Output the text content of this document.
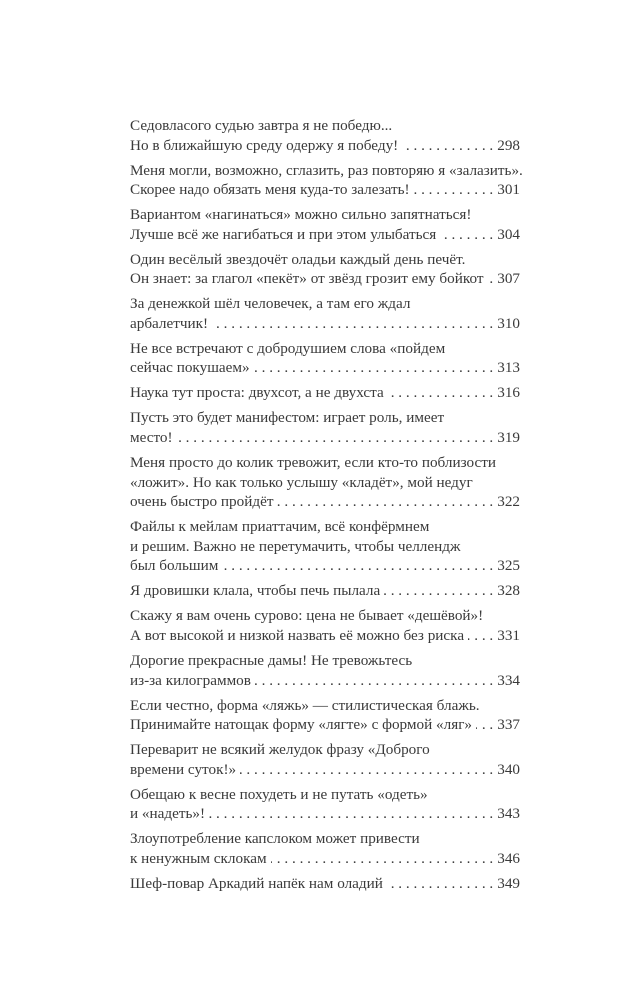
Седовласого судью завтра я не победю...
Но в ближайшую среду одержу я победу! . . .	298
Меня могли, возможно, сглазить, раз повторяю я «залазить».
Скорее надо обязать меня куда-то залезать! . . .	301
Вариантом «нагинаться» можно сильно запятнаться!
Лучше всё же нагибаться и при этом улыбаться . . .	304
Один весёлый звездочёт оладьи каждый день печёт.
Он знает: за глагол «пекёт» от звёзд грозит ему бойкот . . . 307
За денежкой шёл человечек, а там его ждал
арбалетчик! . . .	310
Не все встречают с добродушием слова «пойдем
сейчас покушаем» . . .	313
Наука тут проста: двухсот, а не двухста . . .	316
Пусть это будет манифестом: играет роль, имеет
место! . . .	319
Меня просто до колик тревожит, если кто-то поблизости
«ложит». Но как только услышу «кладёт», мой недуг
очень быстро пройдёт . . .	322
Файлы к мейлам приаттачим, всё конфёрмнем
и решим. Важно не перетумачить, чтобы челлендж
был большим . . .	325
Я дровишки клала, чтобы печь пылала . . .	328
Скажу я вам очень сурово: цена не бывает «дешёвой»!
А вот высокой и низкой назвать её можно без риска . . . 331
Дорогие прекрасные дамы! Не тревожьтесь
из-за килограммов . . .	334
Если честно, форма «ляжь» — стилистическая блажь.
Принимайте натощак форму «лягте» с формой «ляг» . . . 337
Переварит не всякий желудок фразу «Доброго
времени суток!» . . .	340
Обещаю к весне похудеть и не путать «одеть»
и «надеть»! . . .	343
Злоупотребление капслоком может привести
к ненужным склокам . . .	346
Шеф-повар Аркадий напёк нам оладий . . .	349
